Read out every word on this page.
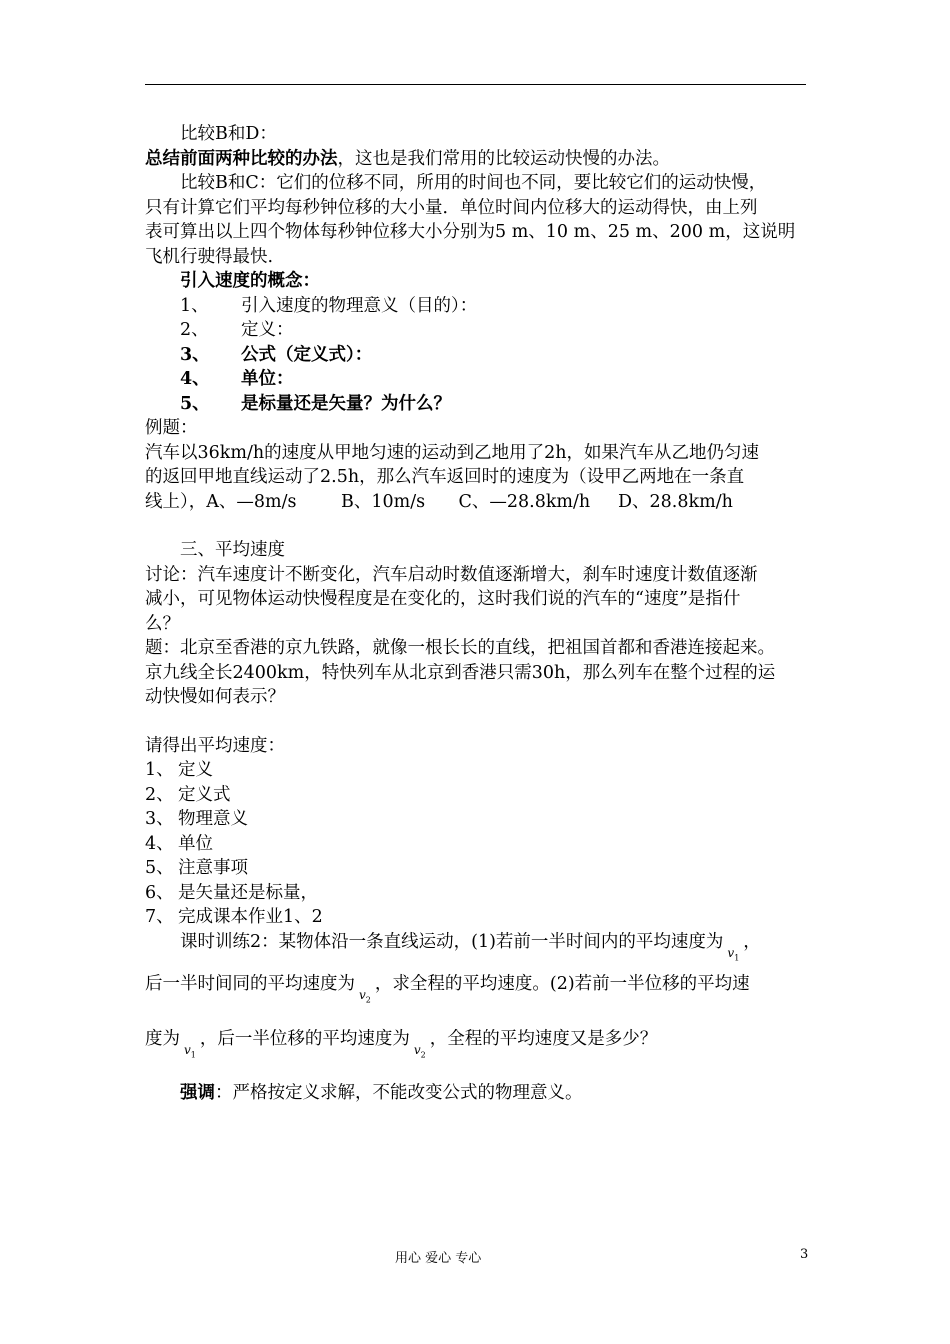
比较B和D：
总结前面两种比较的办法，这也是我们常用的比较运动快慢的办法。
比较B和C：它们的位移不同，所用的时间也不同，要比较它们的运动快慢，
只有计算它们平均每秒钟位移的大小量．单位时间内位移大的运动得快，由上列
表可算出以上四个物体每秒钟位移大小分别为5 m、10 m、25 m、200 m，这说明
飞机行驶得最快.
引入速度的概念：
1、 引入速度的物理意义（目的）：
2、 定义：
3、 公式（定义式）：
4、 单位：
5、 是标量还是矢量？为什么？
例题：
汽车以36km/h的速度从甲地匀速的运动到乙地用了2h，如果汽车从乙地仍匀速
的返回甲地直线运动了2.5h，那么汽车返回时的速度为（设甲乙两地在一条直
线上），A、—8m/s        B、10m/s      C、—28.8km/h     D、28.8km/h
三、平均速度
讨论：汽车速度计不断变化，汽车启动时数值逐渐增大，刹车时速度计数值逐渐
减小，可见物体运动快慢程度是在变化的，这时我们说的汽车的“速度”是指什
么？
题：北京至香港的京九铁路，就像一根长长的直线，把祖国首都和香港连接起来。
京九线全长2400km，特快列车从北京到香港只需30h，那么列车在整个过程的运
动快慢如何表示？
请得出平均速度：
1、 定义
2、 定义式
3、 物理意义
4、 单位
5、 注意事项
6、 是矢量还是标量，
7、 完成课本作业1、2
课时训练2：某物体沿一条直线运动，(1)若前一半时间内的平均速度为$v_1$，
后一半时间同的平均速度为$v_2$，求全程的平均速度。(2)若前一半位移的平均速
度为$v_1$，后一半位移的平均速度为$v_2$，全程的平均速度又是多少？
强调：严格按定义求解，不能改变公式的物理意义。
用心 爱心 专心	3
